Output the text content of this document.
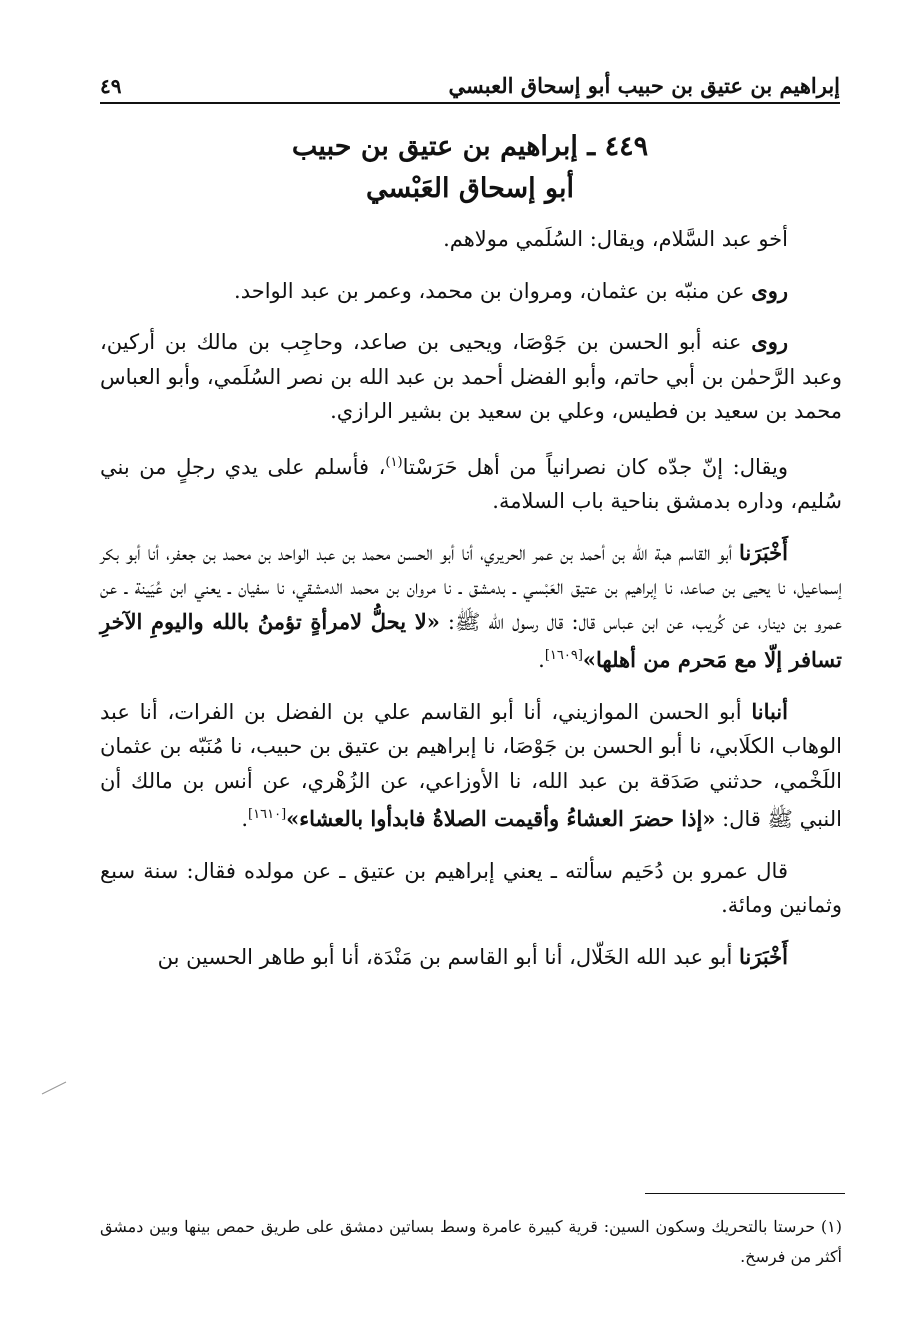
إبراهيم بن عتيق بن حبيب أبو إسحاق العبسي
٤٩
٤٤٩ ـ إبراهيم بن عتيق بن حبيب
أبو إسحاق العَبْسي

أخو عبد السَّلام، ويقال: السُلَمي مولاهم.

روى عن منبّه بن عثمان، ومروان بن محمد، وعمر بن عبد الواحد.

روى عنه أبو الحسن بن جَوْصَا، ويحيى بن صاعد، وحاجِب بن مالك بن أركين، وعبد الرَّحمٰن بن أبي حاتم، وأبو الفضل أحمد بن عبد الله بن نصر السُلَمي، وأبو العباس محمد بن سعيد بن فطيس، وعلي بن سعيد بن بشير الرازي.

ويقال: إنّ جدّه كان نصرانياً من أهل حَرَسْتا$^{(١)}$، فأسلم على يدي رجلٍ من بني سُليم، وداره بدمشق بناحية باب السلامة.

أَخْبَرَنا أبو القاسم هبة الله بن أحمد بن عمر الحريري، أنا أبو الحسن محمد بن عبد الواحد بن محمد بن جعفر، أنا أبو بكر إسماعيل، نا يحيى بن صاعد، نا إبراهيم بن عتيق العَبْسي ـ بدمشق ـ نا مروان بن محمد الدمشقي، نا سفيان ـ يعني ابن عُيَينة ـ عن عمرو بن دينار، عن كُريب، عن ابن عباس قال: قال رسول الله ﷺ: «لا يحلُّ لامرأةٍ تؤمنُ بالله واليومِ الآخرِ تسافر إلّا مع مَحرم من أهلها»[١٦٠٩].

أنبانا أبو الحسن الموازيني، أنا أبو القاسم علي بن الفضل بن الفرات، أنا عبد الوهاب الكلَابي، نا أبو الحسن بن جَوْصَا، نا إبراهيم بن عتيق بن حبيب، نا مُنَبّه بن عثمان اللَخْمي، حدثني صَدَقة بن عبد الله، نا الأوزاعي، عن الزُهْري، عن أنس بن مالك أن النبي ﷺ قال: «إذا حضرَ العشاءُ وأقيمت الصلاةُ فابدأوا بالعشاء»[١٦١٠].

قال عمرو بن دُحَيم سألته ـ يعني إبراهيم بن عتيق ـ عن مولده فقال: سنة سبع وثمانين ومائة.

أَخْبَرَنا أبو عبد الله الخَلّال، أنا أبو القاسم بن مَنْدَة، أنا أبو طاهر الحسين بن

(١) حرستا بالتحريك وسكون السين: قرية كبيرة عامرة وسط بساتين دمشق على طريق حمص بينها وبين دمشق أكثر من فرسخ.
